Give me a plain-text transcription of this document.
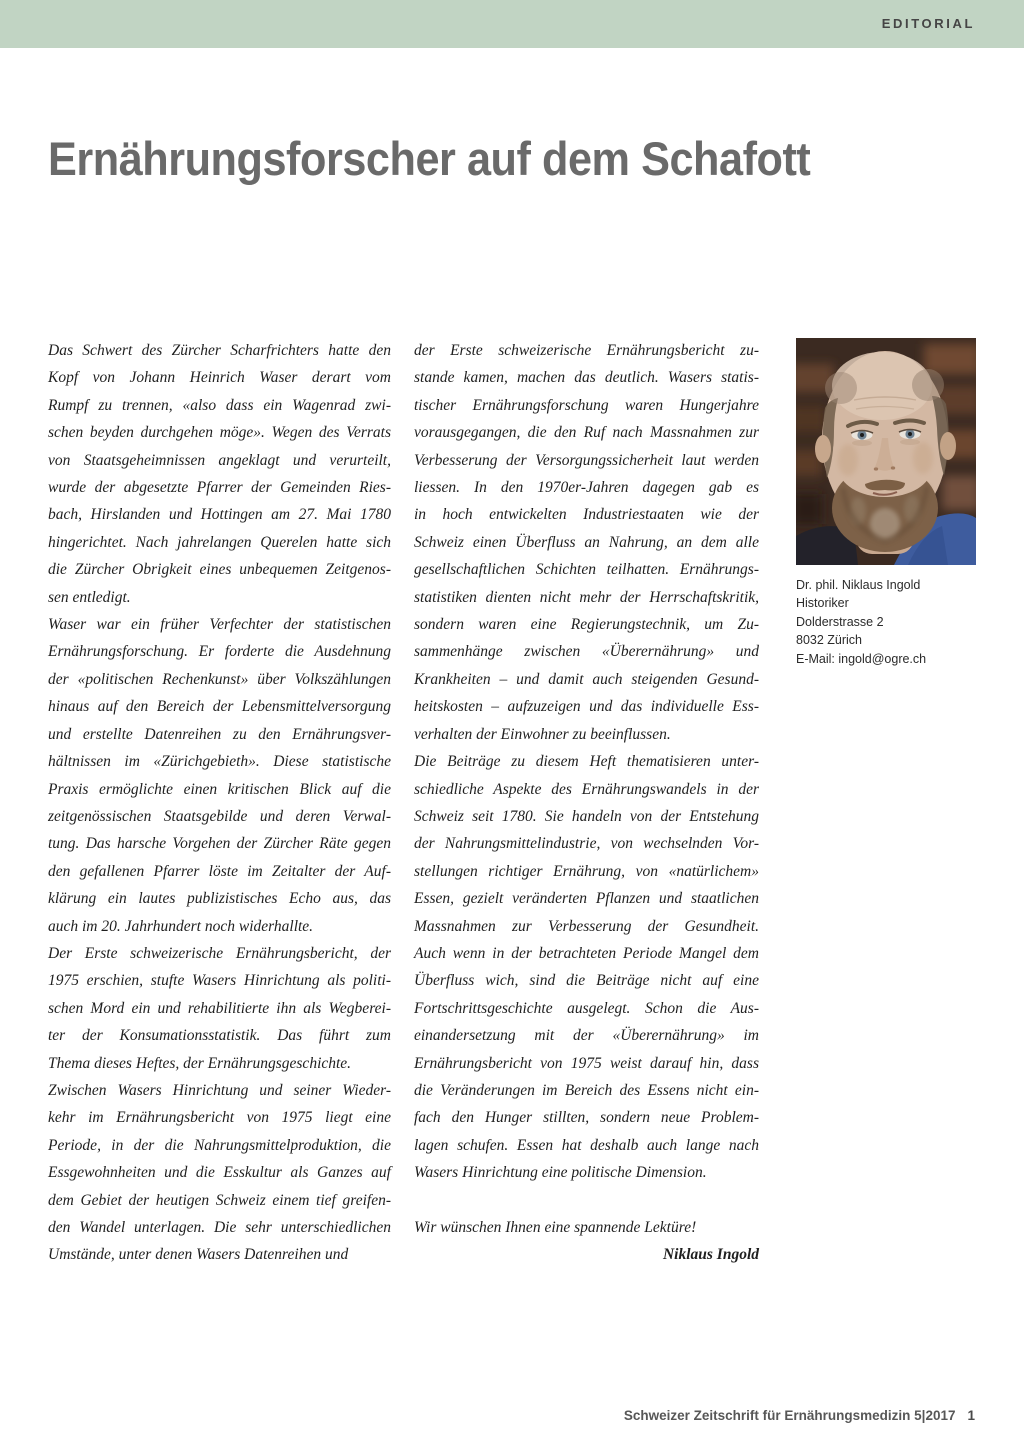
EDITORIAL
Ernährungsforscher auf dem Schafott
Das Schwert des Zürcher Scharfrichters hatte den
Kopf von Johann Heinrich Waser derart vom
Rumpf zu trennen, «also dass ein Wagenrad zwi-
schen beyden durchgehen möge». Wegen des Verrats
von Staatsgeheimnissen angeklagt und verurteilt,
wurde der abgesetzte Pfarrer der Gemeinden Ries-
bach, Hirslanden und Hottingen am 27. Mai 1780
hingerichtet. Nach jahrelangen Querelen hatte sich
die Zürcher Obrigkeit eines unbequemen Zeitgenos-
sen entledigt.
Waser war ein früher Verfechter der statistischen
Ernährungsforschung. Er forderte die Ausdehnung
der «politischen Rechenkunst» über Volkszählungen
hinaus auf den Bereich der Lebensmittelversorgung
und erstellte Datenreihen zu den Ernährungsver-
hältnissen im «Zürichgebieth». Diese statistische
Praxis ermöglichte einen kritischen Blick auf die
zeitgenössischen Staatsgebilde und deren Verwal-
tung. Das harsche Vorgehen der Zürcher Räte gegen
den gefallenen Pfarrer löste im Zeitalter der Auf-
klärung ein lautes publizistisches Echo aus, das
auch im 20. Jahrhundert noch widerhallte.
Der Erste schweizerische Ernährungsbericht, der
1975 erschien, stufte Wasers Hinrichtung als politi-
schen Mord ein und rehabilitierte ihn als Wegberei-
ter der Konsumationsstatistik. Das führt zum
Thema dieses Heftes, der Ernährungsgeschichte.
Zwischen Wasers Hinrichtung und seiner Wieder-
kehr im Ernährungsbericht von 1975 liegt eine
Periode, in der die Nahrungsmittelproduktion, die
Essgewohnheiten und die Esskultur als Ganzes auf
dem Gebiet der heutigen Schweiz einem tief greifen-
den Wandel unterlagen. Die sehr unterschiedlichen
Umstände, unter denen Wasers Datenreihen und
der Erste schweizerische Ernährungsbericht zu-
stande kamen, machen das deutlich. Wasers statis-
tischer Ernährungsforschung waren Hungerjahre
vorausgegangen, die den Ruf nach Massnahmen zur
Verbesserung der Versorgungssicherheit laut werden
liessen. In den 1970er-Jahren dagegen gab es
in hoch entwickelten Industriestaaten wie der
Schweiz einen Überfluss an Nahrung, an dem alle
gesellschaftlichen Schichten teilhatten. Ernährungs-
statistiken dienten nicht mehr der Herrschaftskritik,
sondern waren eine Regierungstechnik, um Zu-
sammenhänge zwischen «Überernährung» und
Krankheiten – und damit auch steigenden Gesund-
heitskosten – aufzuzeigen und das individuelle Ess-
verhalten der Einwohner zu beeinflussen.
Die Beiträge zu diesem Heft thematisieren unter-
schiedliche Aspekte des Ernährungswandels in der
Schweiz seit 1780. Sie handeln von der Entstehung
der Nahrungsmittelindustrie, von wechselnden Vor-
stellungen richtiger Ernährung, von «natürlichem»
Essen, gezielt veränderten Pflanzen und staatlichen
Massnahmen zur Verbesserung der Gesundheit.
Auch wenn in der betrachteten Periode Mangel dem
Überfluss wich, sind die Beiträge nicht auf eine
Fortschrittsgeschichte ausgelegt. Schon die Aus-
einandersetzung mit der «Überernährung» im
Ernährungsbericht von 1975 weist darauf hin, dass
die Veränderungen im Bereich des Essens nicht ein-
fach den Hunger stillten, sondern neue Problem-
lagen schufen. Essen hat deshalb auch lange nach
Wasers Hinrichtung eine politische Dimension.
Wir wünschen Ihnen eine spannende Lektüre!
Niklaus Ingold
Dr. phil. Niklaus Ingold
Historiker
Dolderstrasse 2
8032 Zürich
E-Mail: ingold@ogre.ch
Schweizer Zeitschrift für Ernährungsmedizin 5|2017 1
